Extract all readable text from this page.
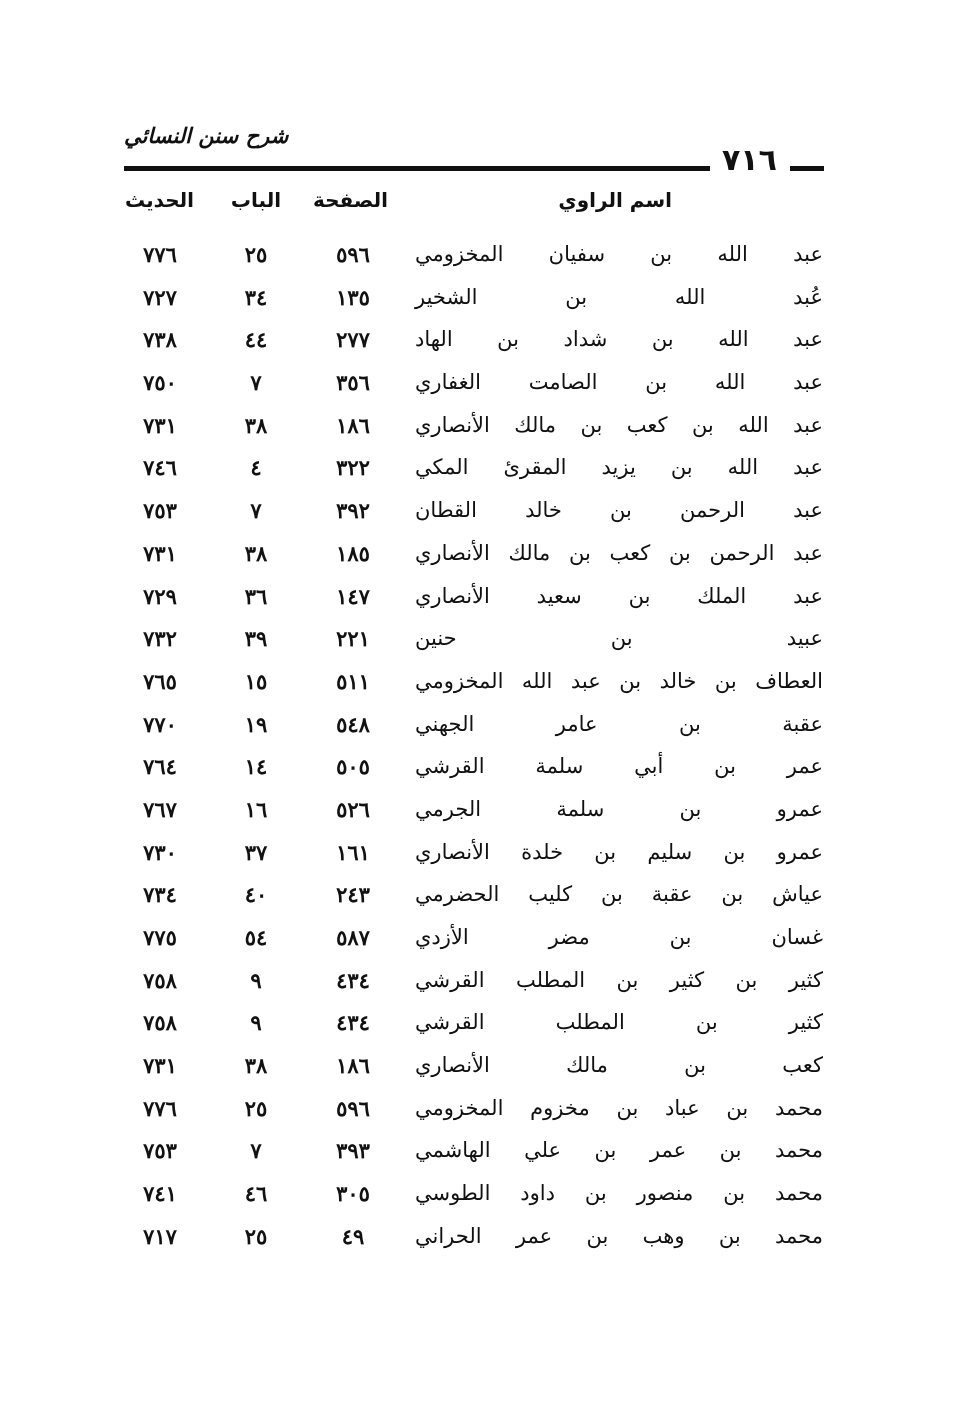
٧١٦
شرح سنن النسائي
اسم الراوي
الصفحة
الباب
الحديث
عبد الله بن سفيان المخزومي
٥٩٦
٢٥
٧٧٦
عُبد الله بن الشخير
١٣٥
٣٤
٧٢٧
عبد الله بن شداد بن الهاد
٢٧٧
٤٤
٧٣٨
عبد الله بن الصامت الغفاري
٣٥٦
٧
٧٥٠
عبد الله بن كعب بن مالك الأنصاري
١٨٦
٣٨
٧٣١
عبد الله بن يزيد المقرئ المكي
٣٢٢
٤
٧٤٦
عبد الرحمن بن خالد القطان
٣٩٢
٧
٧٥٣
عبد الرحمن بن كعب بن مالك الأنصاري
١٨٥
٣٨
٧٣١
عبد الملك بن سعيد الأنصاري
١٤٧
٣٦
٧٢٩
عبيد بن حنين
٢٢١
٣٩
٧٣٢
العطاف بن خالد بن عبد الله المخزومي
٥١١
١٥
٧٦٥
عقبة بن عامر الجهني
٥٤٨
١٩
٧٧٠
عمر بن أبي سلمة القرشي
٥٠٥
١٤
٧٦٤
عمرو بن سلمة الجرمي
٥٢٦
١٦
٧٦٧
عمرو بن سليم بن خلدة الأنصاري
١٦١
٣٧
٧٣٠
عياش بن عقبة بن كليب الحضرمي
٢٤٣
٤٠
٧٣٤
غسان بن مضر الأزدي
٥٨٧
٥٤
٧٧٥
كثير بن كثير بن المطلب القرشي
٤٣٤
٩
٧٥٨
كثير بن المطلب القرشي
٤٣٤
٩
٧٥٨
كعب بن مالك الأنصاري
١٨٦
٣٨
٧٣١
محمد بن عباد بن مخزوم المخزومي
٥٩٦
٢٥
٧٧٦
محمد بن عمر بن علي الهاشمي
٣٩٣
٧
٧٥٣
محمد بن منصور بن داود الطوسي
٣٠٥
٤٦
٧٤١
محمد بن وهب بن عمر الحراني
٤٩
٢٥
٧١٧
